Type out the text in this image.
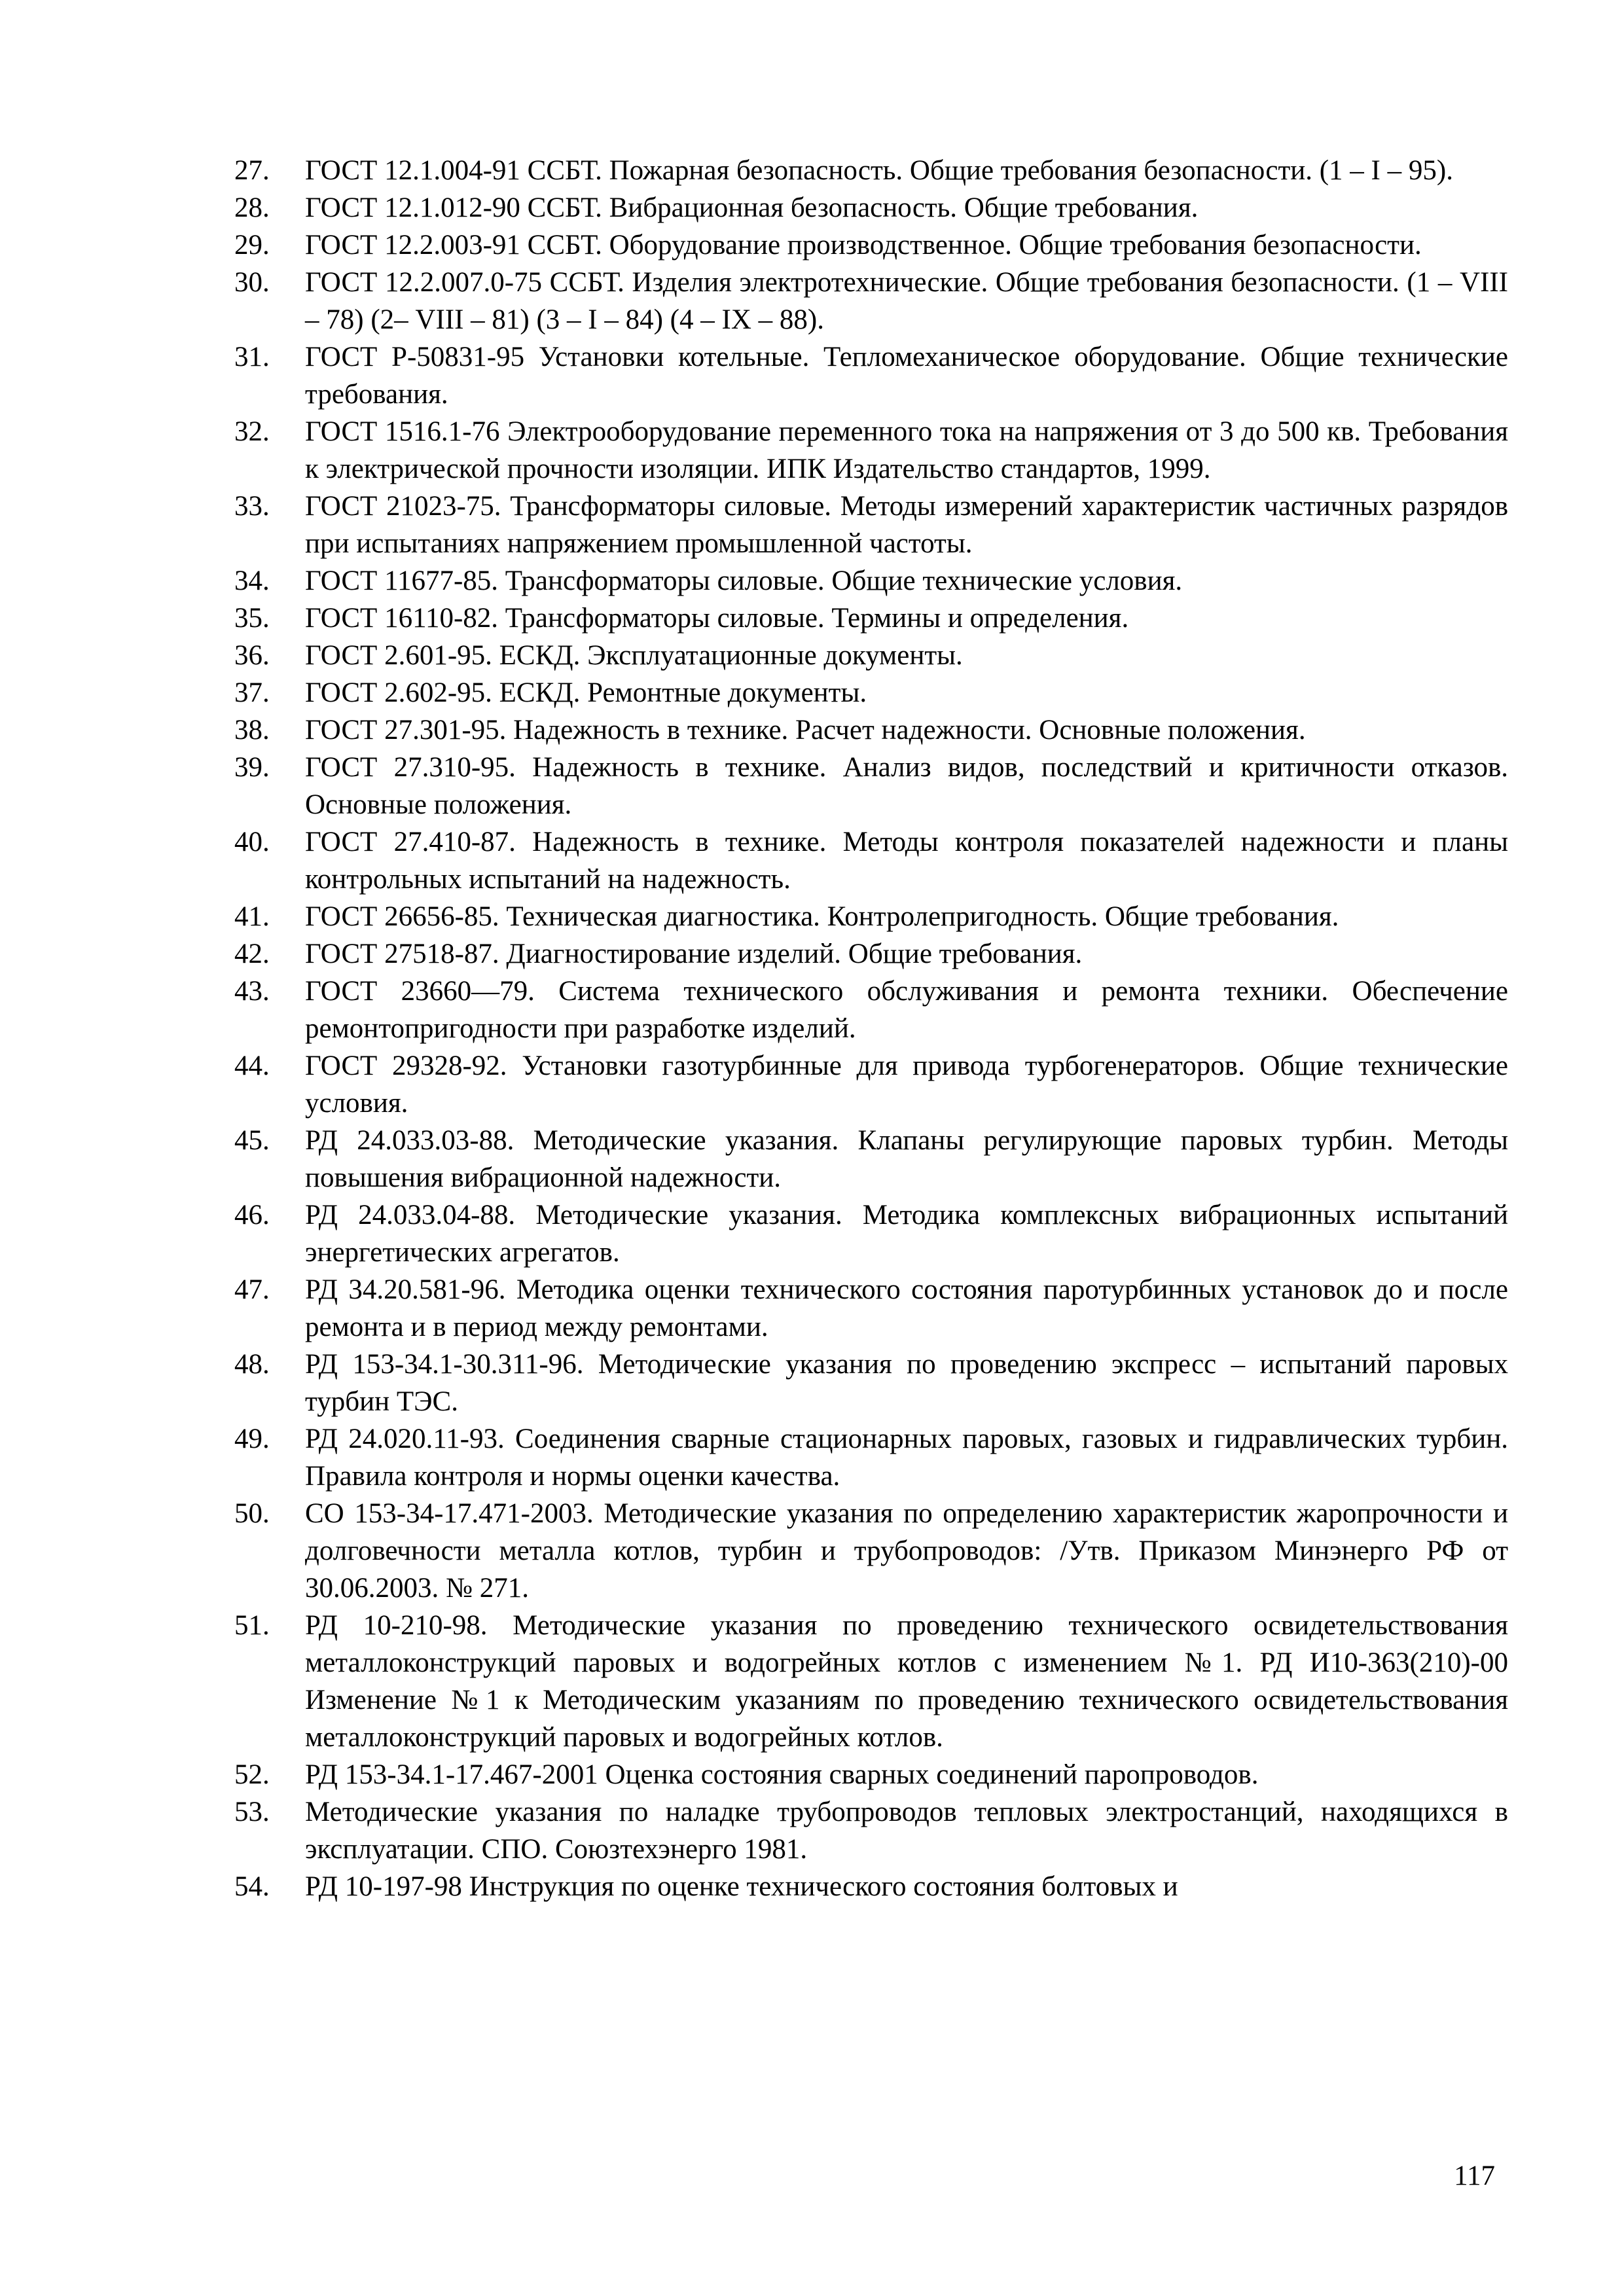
27.	ГОСТ 12.1.004-91 ССБТ. Пожарная безопасность. Общие требования безопасности. (1 – I – 95).
28.	ГОСТ 12.1.012-90 ССБТ. Вибрационная безопасность. Общие требования.
29.	ГОСТ 12.2.003-91 ССБТ. Оборудование производственное. Общие требования безопасности.
30.	ГОСТ 12.2.007.0-75 ССБТ. Изделия электротехнические. Общие требования безопасности. (1 – VIII – 78) (2– VIII – 81) (3 – I – 84) (4 – IX – 88).
31.	ГОСТ Р-50831-95 Установки котельные. Тепломеханическое оборудование. Общие технические требования.
32.	ГОСТ 1516.1-76 Электрооборудование переменного тока на напряжения от 3 до 500 кв. Требования к электрической прочности изоляции. ИПК Издательство стандартов, 1999.
33.	ГОСТ 21023-75. Трансформаторы силовые. Методы измерений характеристик частичных разрядов при испытаниях напряжением промышленной частоты.
34.	ГОСТ 11677-85. Трансформаторы силовые. Общие технические условия.
35.	ГОСТ 16110-82. Трансформаторы силовые. Термины и определения.
36.	ГОСТ 2.601-95. ЕСКД. Эксплуатационные документы.
37.	ГОСТ 2.602-95. ЕСКД. Ремонтные документы.
38.	ГОСТ 27.301-95. Надежность в технике. Расчет надежности. Основные положения.
39.	ГОСТ 27.310-95. Надежность в технике. Анализ видов, последствий и критичности отказов. Основные положения.
40.	ГОСТ 27.410-87. Надежность в технике. Методы контроля показателей надежности и планы контрольных испытаний на надежность.
41.	ГОСТ 26656-85. Техническая диагностика. Контролепригодность. Общие требования.
42.	ГОСТ 27518-87. Диагностирование изделий. Общие требования.
43.	ГОСТ 23660—79. Система технического обслуживания и ремонта техники. Обеспечение ремонтопригодности при разработке изделий.
44.	ГОСТ 29328-92. Установки газотурбинные для привода турбогенераторов. Общие технические условия.
45.	РД 24.033.03-88. Методические указания. Клапаны регулирующие паровых турбин. Методы повышения вибрационной надежности.
46.	РД 24.033.04-88. Методические указания. Методика комплексных вибрационных испытаний энергетических агрегатов.
47.	РД 34.20.581-96. Методика оценки технического состояния паротурбинных установок до и после ремонта и в период между ремонтами.
48.	РД 153-34.1-30.311-96. Методические указания по проведению экспресс – испытаний паровых турбин ТЭС.
49.	РД 24.020.11-93. Соединения сварные стационарных паровых, газовых и гидравлических турбин. Правила контроля и нормы оценки качества.
50.	СО 153-34-17.471-2003. Методические указания по определению характеристик жаропрочности и долговечности металла котлов, турбин и трубопроводов: /Утв. Приказом Минэнерго РФ от 30.06.2003. № 271.
51.	РД 10-210-98. Методические указания по проведению технического освидетельствования металлоконструкций паровых и водогрейных котлов с изменением №1. РД И10-363(210)-00 Изменение №1 к Методическим указаниям по проведению технического освидетельствования металлоконструкций паровых и водогрейных котлов.
52.	РД 153-34.1-17.467-2001 Оценка состояния сварных соединений паропроводов.
53.	Методические указания по наладке трубопроводов тепловых электростанций, находящихся в эксплуатации. СПО. Союзтехэнерго 1981.
54.	РД 10-197-98 Инструкция по оценке технического состояния болтовых и
117
